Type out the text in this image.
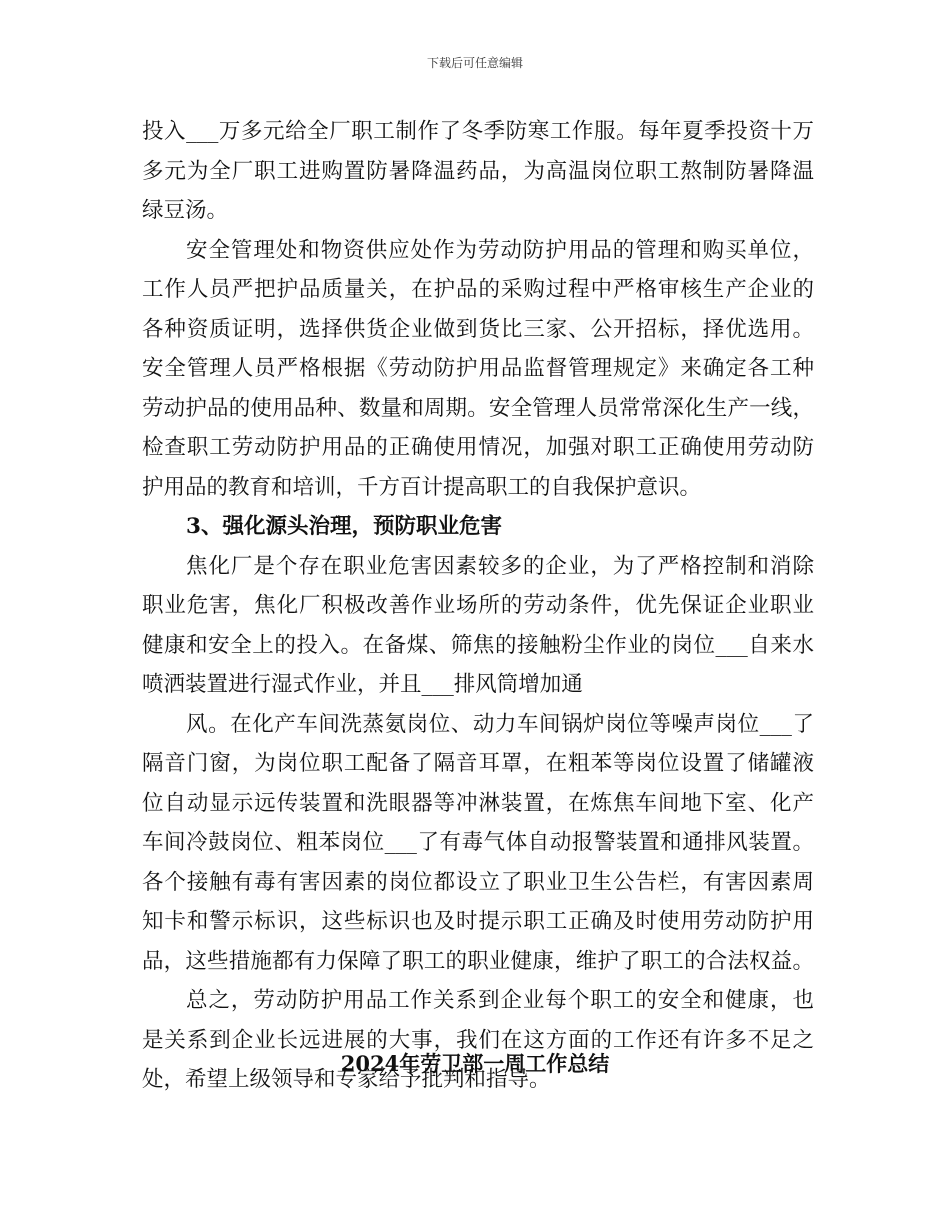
下载后可任意编辑
投入___万多元给全厂职工制作了冬季防寒工作服。每年夏季投资十万
多元为全厂职工进购置防暑降温药品，为高温岗位职工熬制防暑降温
绿豆汤。
安全管理处和物资供应处作为劳动防护用品的管理和购买单位，
工作人员严把护品质量关，在护品的采购过程中严格审核生产企业的
各种资质证明，选择供货企业做到货比三家、公开招标，择优选用。
安全管理人员严格根据《劳动防护用品监督管理规定》来确定各工种
劳动护品的使用品种、数量和周期。安全管理人员常常深化生产一线，
检查职工劳动防护用品的正确使用情况，加强对职工正确使用劳动防
护用品的教育和培训，千方百计提高职工的自我保护意识。
3、强化源头治理，预防职业危害
焦化厂是个存在职业危害因素较多的企业，为了严格控制和消除
职业危害，焦化厂积极改善作业场所的劳动条件，优先保证企业职业
健康和安全上的投入。在备煤、筛焦的接触粉尘作业的岗位___自来水
喷洒装置进行湿式作业，并且___排风筒增加通
风。在化产车间洗蒸氨岗位、动力车间锅炉岗位等噪声岗位___了
隔音门窗，为岗位职工配备了隔音耳罩，在粗苯等岗位设置了储罐液
位自动显示远传装置和洗眼器等冲淋装置，在炼焦车间地下室、化产
车间冷鼓岗位、粗苯岗位___了有毒气体自动报警装置和通排风装置。
各个接触有毒有害因素的岗位都设立了职业卫生公告栏，有害因素周
知卡和警示标识，这些标识也及时提示职工正确及时使用劳动防护用
品，这些措施都有力保障了职工的职业健康，维护了职工的合法权益。
总之，劳动防护用品工作关系到企业每个职工的安全和健康，也
是关系到企业长远进展的大事，我们在这方面的工作还有许多不足之
处，希望上级领导和专家给予批判和指导。
2024年劳卫部一周工作总结
